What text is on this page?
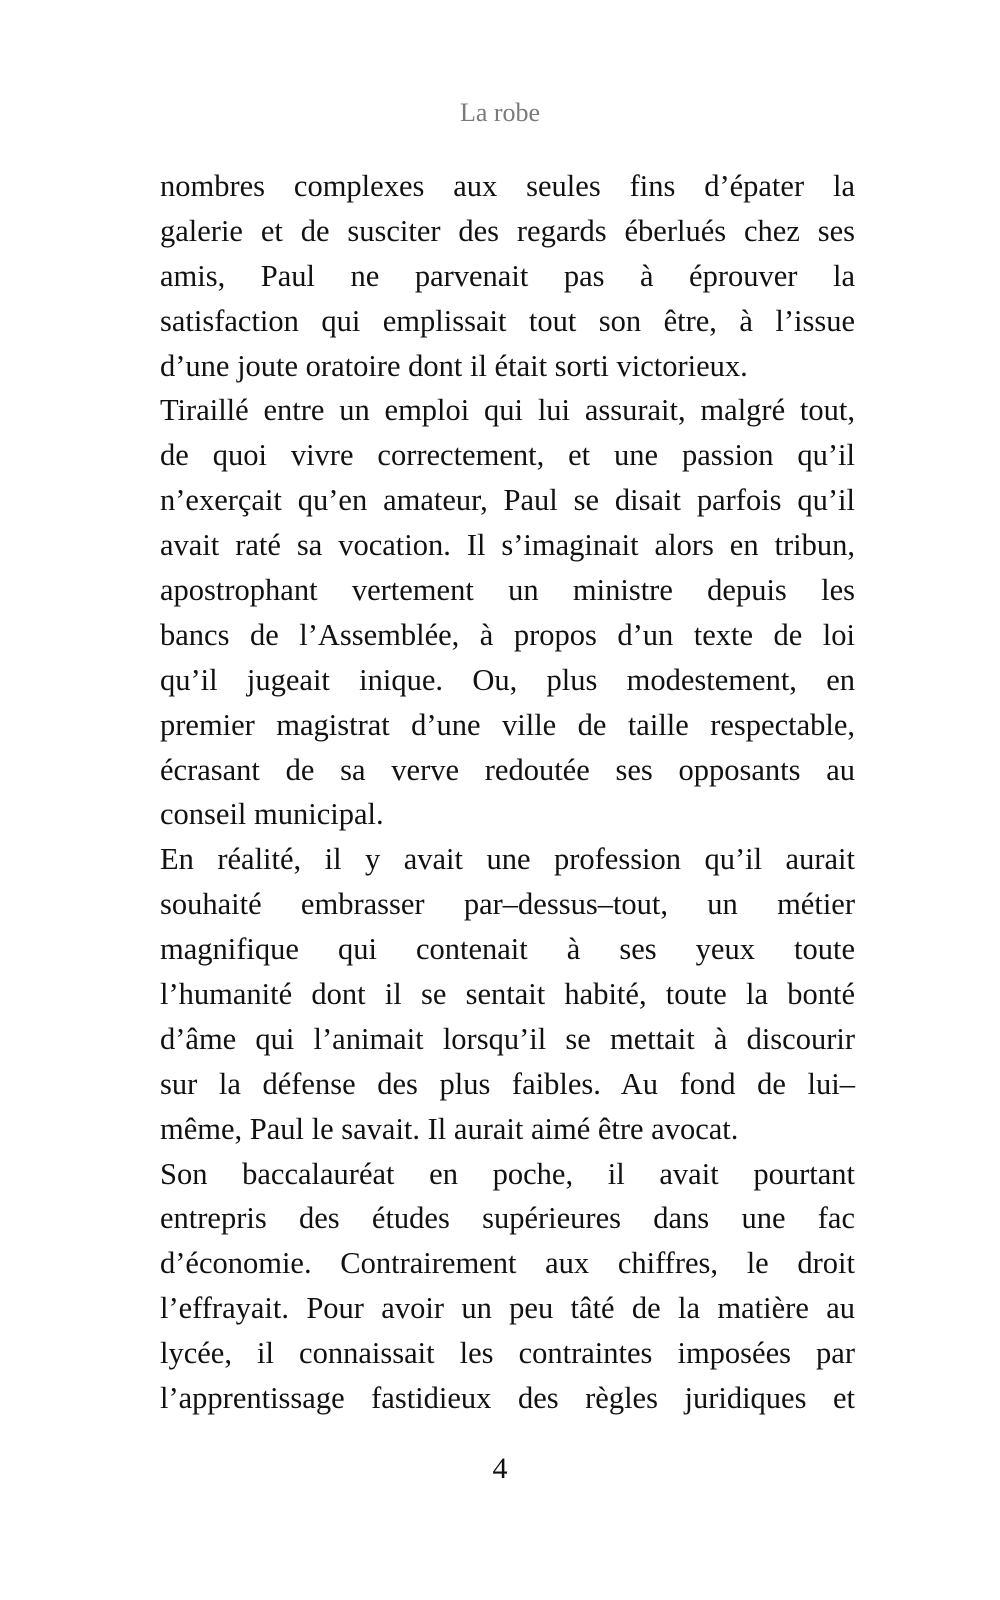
La robe
nombres complexes aux seules fins d’épater la
galerie et de susciter des regards éberlués chez ses
amis, Paul ne parvenait pas à éprouver la
satisfaction qui emplissait tout son être, à l’issue
d’une joute oratoire dont il était sorti victorieux.
Tiraillé entre un emploi qui lui assurait, malgré tout,
de quoi vivre correctement, et une passion qu’il
n’exerçait qu’en amateur, Paul se disait parfois qu’il
avait raté sa vocation. Il s’imaginait alors en tribun,
apostrophant vertement un ministre depuis les
bancs de l’Assemblée, à propos d’un texte de loi
qu’il jugeait inique. Ou, plus modestement, en
premier magistrat d’une ville de taille respectable,
écrasant de sa verve redoutée ses opposants au
conseil municipal.
En réalité, il y avait une profession qu’il aurait
souhaité embrasser par–dessus–tout, un métier
magnifique qui contenait à ses yeux toute
l’humanité dont il se sentait habité, toute la bonté
d’âme qui l’animait lorsqu’il se mettait à discourir
sur la défense des plus faibles. Au fond de lui–
même, Paul le savait. Il aurait aimé être avocat.
Son baccalauréat en poche, il avait pourtant
entrepris des études supérieures dans une fac
d’économie. Contrairement aux chiffres, le droit
l’effrayait. Pour avoir un peu tâté de la matière au
lycée, il connaissait les contraintes imposées par
l’apprentissage fastidieux des règles juridiques et
4
